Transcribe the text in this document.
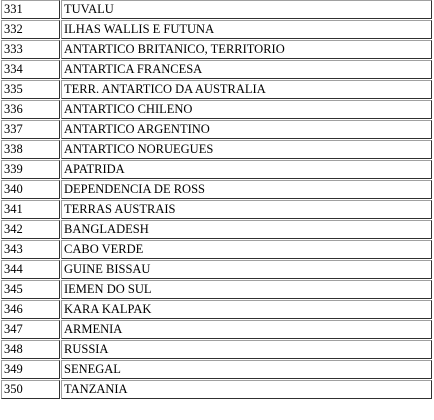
331	TUVALU
332	ILHAS WALLIS E FUTUNA
333	ANTARTICO BRITANICO, TERRITORIO
334	ANTARTICA FRANCESA
335	TERR. ANTARTICO DA AUSTRALIA
336	ANTARTICO CHILENO
337	ANTARTICO ARGENTINO
338	ANTARTICO NORUEGUES
339	APATRIDA
340	DEPENDENCIA DE ROSS
341	TERRAS AUSTRAIS
342	BANGLADESH
343	CABO VERDE
344	GUINE BISSAU
345	IEMEN DO SUL
346	KARA KALPAK
347	ARMENIA
348	RUSSIA
349	SENEGAL
350	TANZANIA
